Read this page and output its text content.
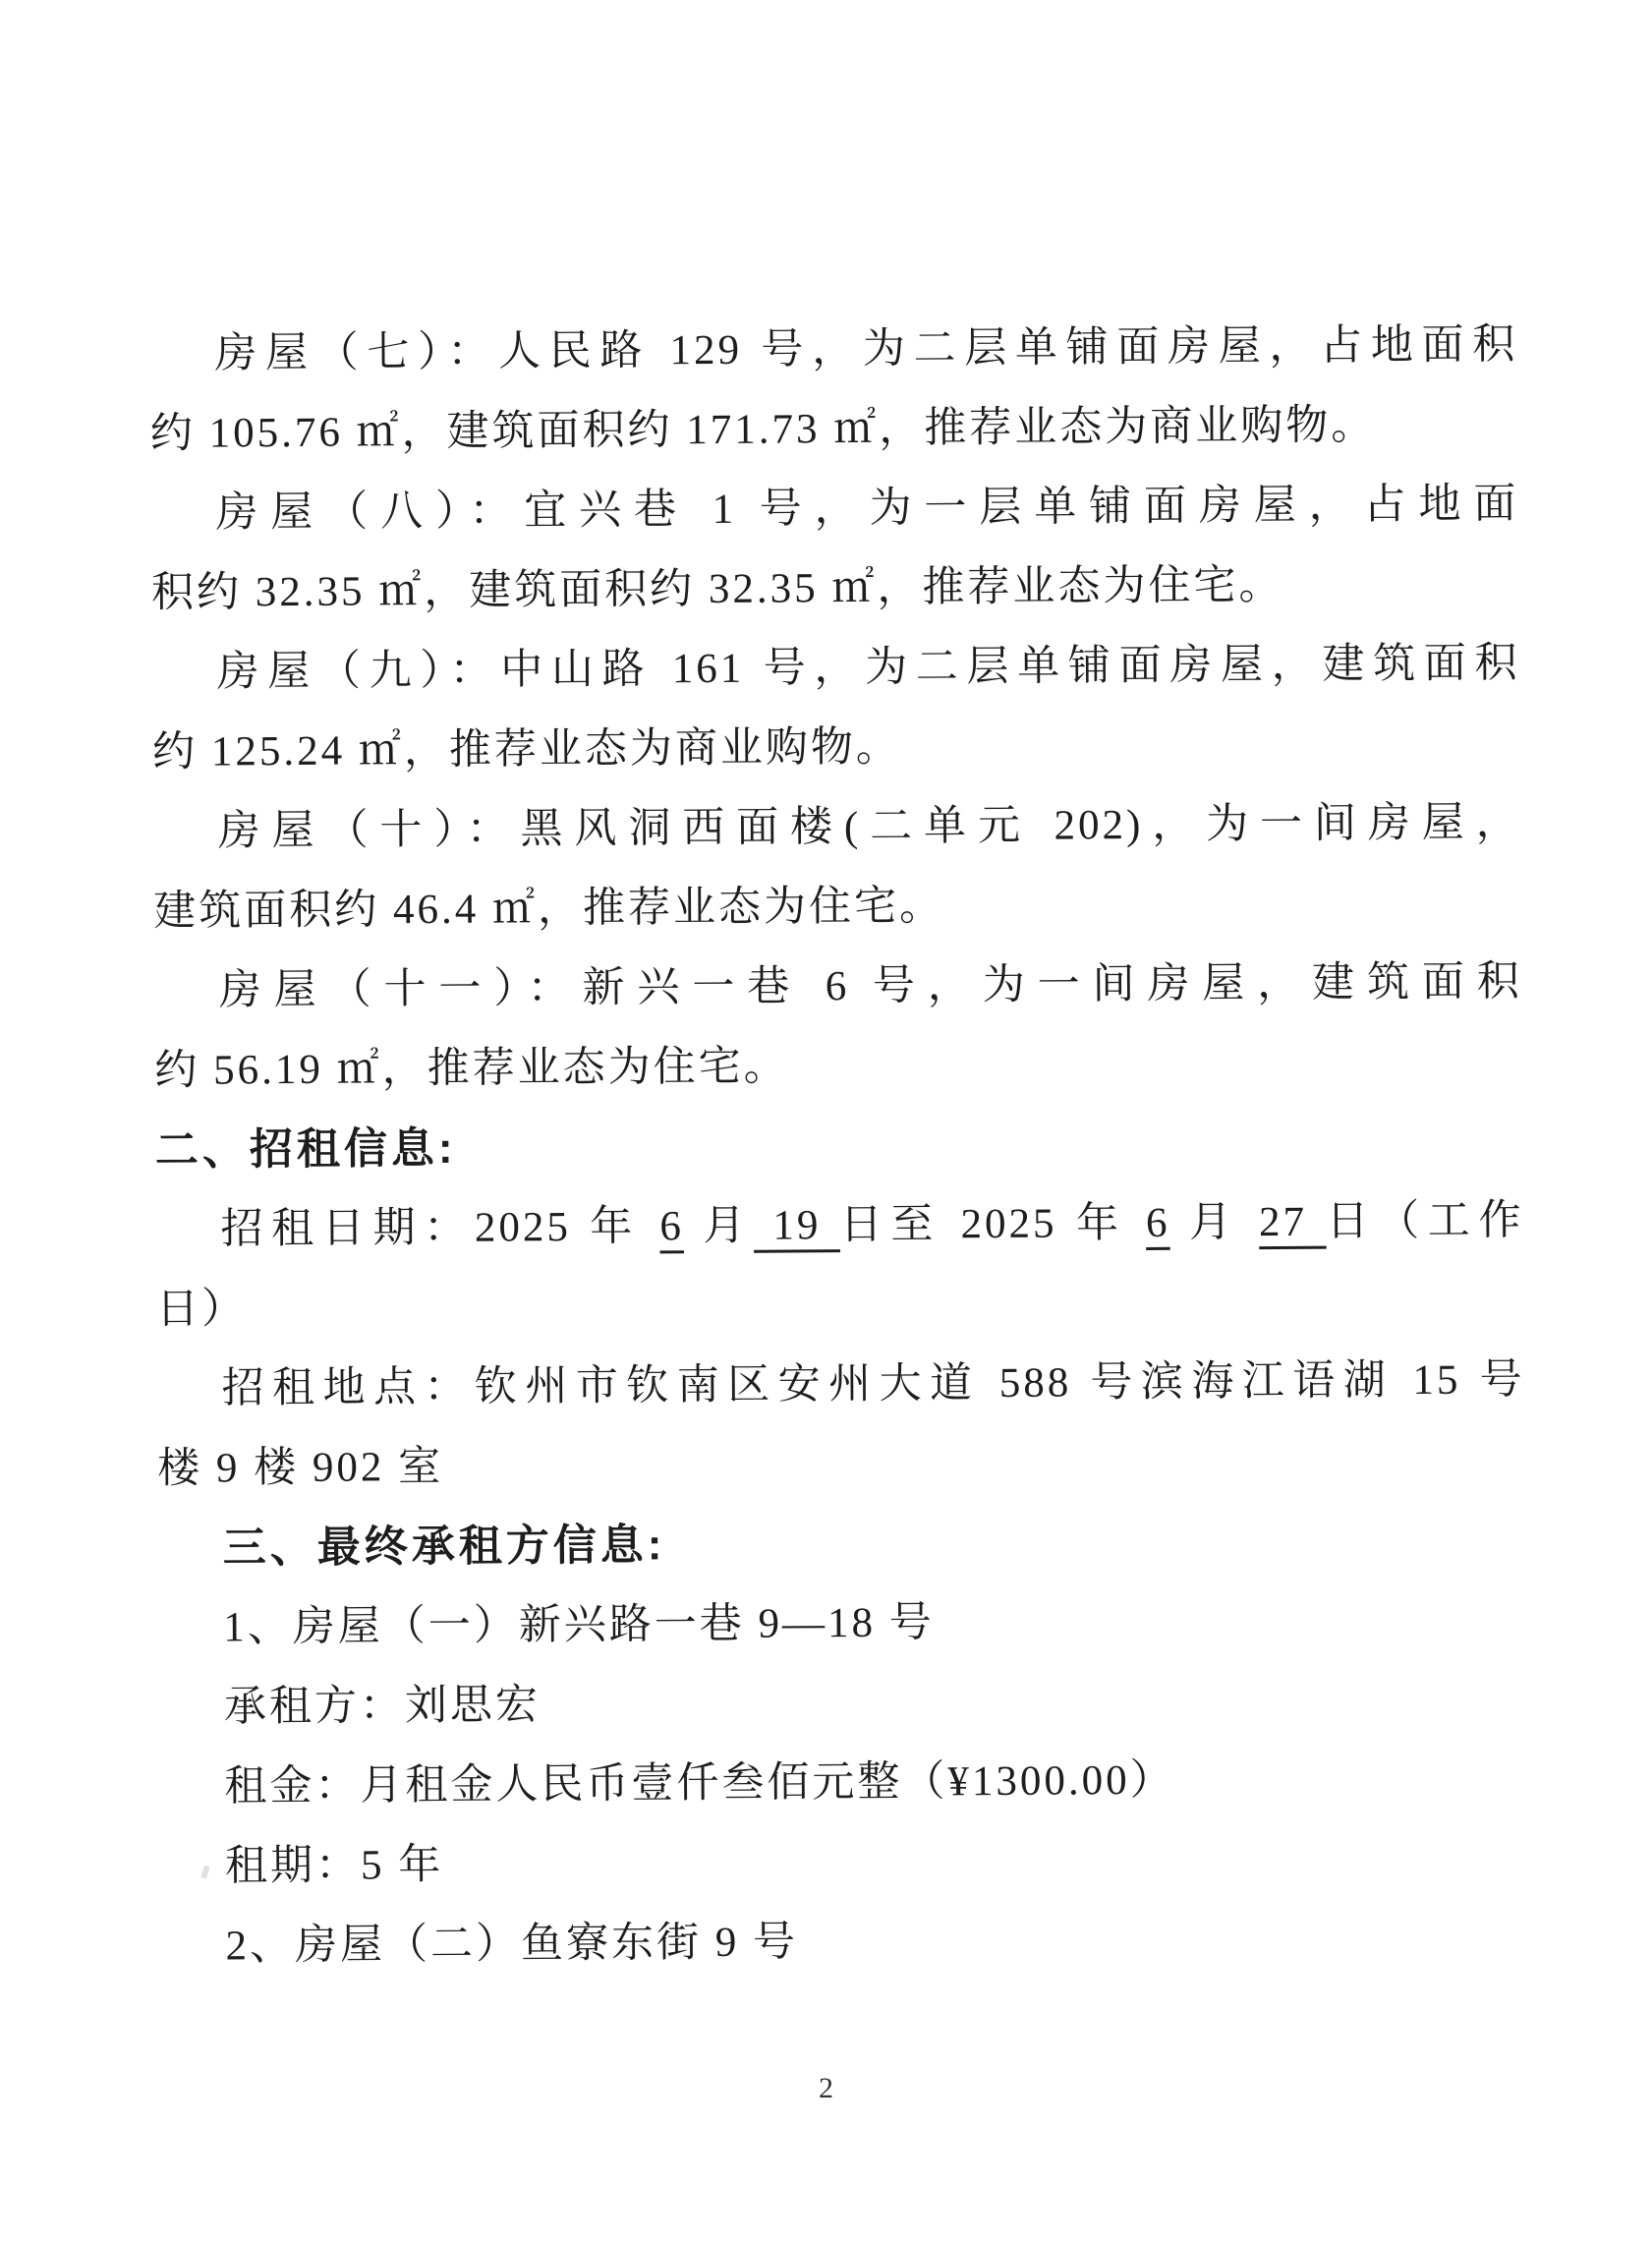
房屋（七）：人民路 129 号，为二层单铺面房屋，占地面积

约 105.76 ㎡，建筑面积约 171.73 ㎡，推荐业态为商业购物。

房屋（八）：宜兴巷 1 号，为一层单铺面房屋，占地面

积约 32.35 ㎡，建筑面积约 32.35 ㎡，推荐业态为住宅。

房屋（九）：中山路 161 号，为二层单铺面房屋，建筑面积

约 125.24 ㎡，推荐业态为商业购物。

房屋（十）：黑风洞西面楼(二单元 202)，为一间房屋，

建筑面积约 46.4 ㎡，推荐业态为住宅。

房屋（十一）：新兴一巷 6 号，为一间房屋，建筑面积

约 56.19 ㎡，推荐业态为住宅。

二、招租信息:

招租日期：2025 年 6 月 19 日至 2025 年 6 月 27 日（工作

日）

招租地点：钦州市钦南区安州大道 588 号滨海江语湖 15 号

楼 9 楼 902 室

三、最终承租方信息:

1、房屋（一）新兴路一巷 9—18 号

承租方：刘思宏

租金：月租金人民币壹仟叁佰元整（¥1300.00）

租期：5 年

2、房屋（二）鱼寮东街 9 号

2
